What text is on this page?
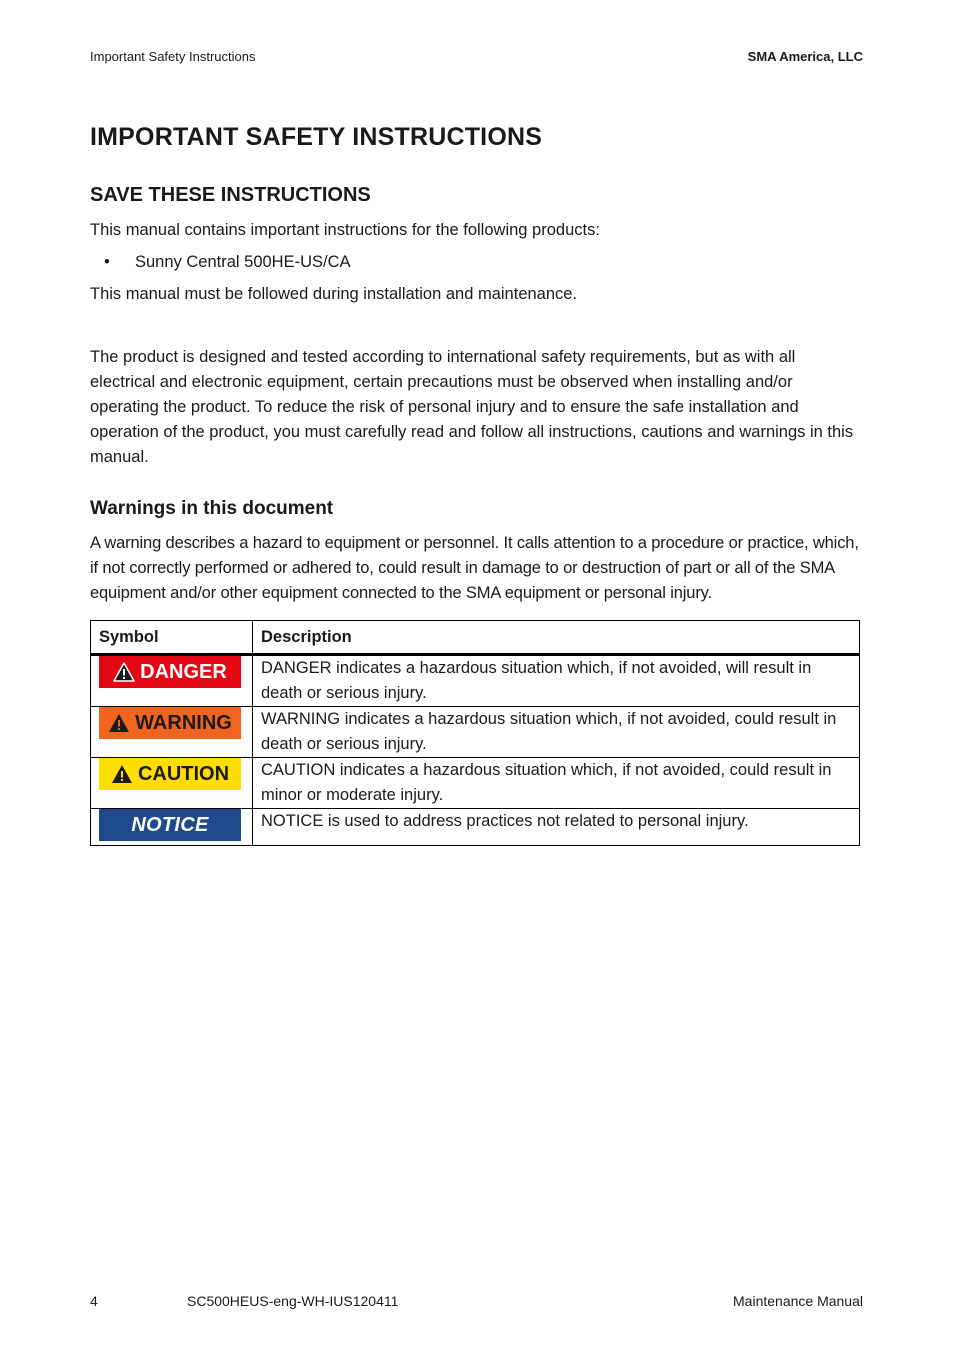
Important Safety Instructions	SMA America, LLC
IMPORTANT SAFETY INSTRUCTIONS
SAVE THESE INSTRUCTIONS

This manual contains important instructions for the following products:

• Sunny Central 500HE-US/CA

This manual must be followed during installation and maintenance.

The product is designed and tested according to international safety requirements, but as with all electrical and electronic equipment, certain precautions must be observed when installing and/or operating the product. To reduce the risk of personal injury and to ensure the safe installation and operation of the product, you must carefully read and follow all instructions, cautions and warnings in this manual.

Warnings in this document

A warning describes a hazard to equipment or personnel. It calls attention to a procedure or practice, which, if not correctly performed or adhered to, could result in damage to or destruction of part or all of the SMA equipment and/or other equipment connected to the SMA equipment or personal injury.

Symbol	Description

DANGER	DANGER indicates a hazardous situation which, if not avoided, will result in death or serious injury.

WARNING	WARNING indicates a hazardous situation which, if not avoided, could result in death or serious injury.

CAUTION	CAUTION indicates a hazardous situation which, if not avoided, could result in minor or moderate injury.

NOTICE	NOTICE is used to address practices not related to personal injury.
4	SC500HEUS-eng-WH-IUS120411	Maintenance Manual
